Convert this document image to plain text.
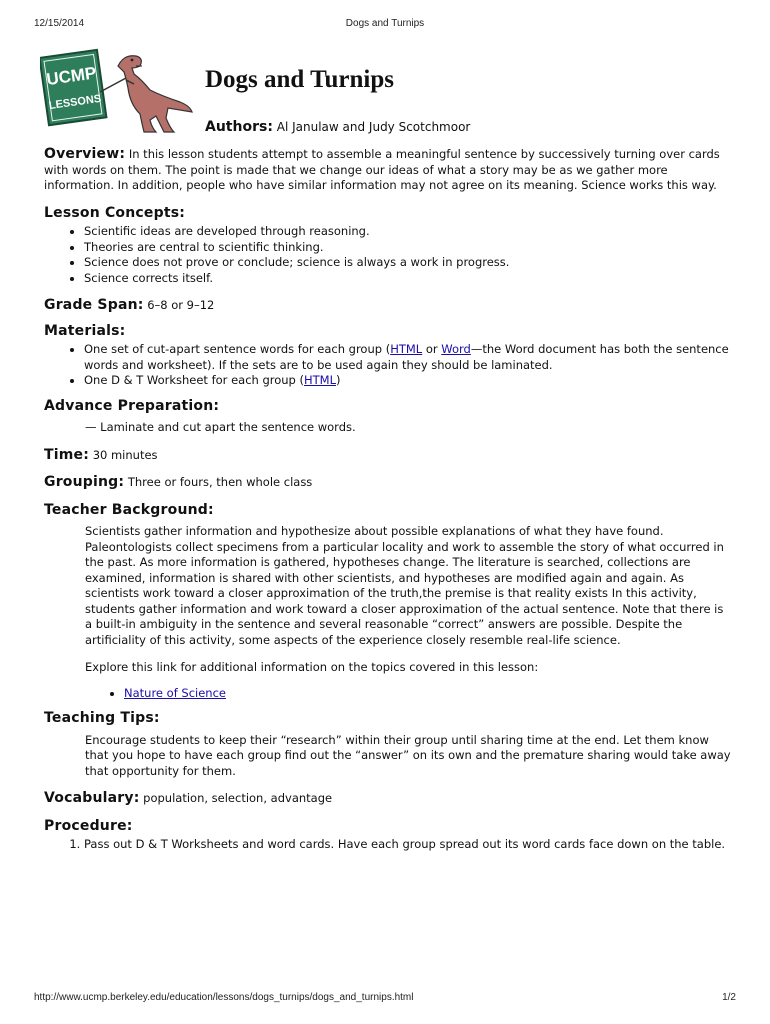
12/15/2014	Dogs and Turnips
UCMP
LESSONS
Dogs and Turnips
Authors: Al Janulaw and Judy Scotchmoor

Overview: In this lesson students attempt to assemble a meaningful sentence by successively turning over cards with words on them. The point is made that we change our ideas of what a story may be as we gather more information. In addition, people who have similar information may not agree on its meaning. Science works this way.

Lesson Concepts:
• Scientific ideas are developed through reasoning.
• Theories are central to scientific thinking.
• Science does not prove or conclude; science is always a work in progress.
• Science corrects itself.

Grade Span: 6–8 or 9–12

Materials:
• One set of cut-apart sentence words for each group (HTML or Word—the Word document has both the sentence words and worksheet). If the sets are to be used again they should be laminated.
• One D & T Worksheet for each group (HTML)
Advance Preparation:

— Laminate and cut apart the sentence words.

Time: 30 minutes

Grouping: Three or fours, then whole class

Teacher Background:

Scientists gather information and hypothesize about possible explanations of what they have found. Paleontologists collect specimens from a particular locality and work to assemble the story of what occurred in the past. As more information is gathered, hypotheses change. The literature is searched, collections are examined, information is shared with other scientists, and hypotheses are modified again and again. As scientists work toward a closer approximation of the truth,the premise is that reality exists In this activity, students gather information and work toward a closer approximation of the actual sentence. Note that there is a built-in ambiguity in the sentence and several reasonable “correct” answers are possible. Despite the artificiality of this activity, some aspects of the experience closely resemble real-life science.

Explore this link for additional information on the topics covered in this lesson:

• Nature of Science
Teaching Tips:

Encourage students to keep their “research” within their group until sharing time at the end. Let them know that you hope to have each group find out the “answer” on its own and the premature sharing would take away that opportunity for them.

Vocabulary: population, selection, advantage

Procedure:
1. Pass out D & T Worksheets and word cards. Have each group spread out its word cards face down on the table.
http://www.ucmp.berkeley.edu/education/lessons/dogs_turnips/dogs_and_turnips.html	1/2
